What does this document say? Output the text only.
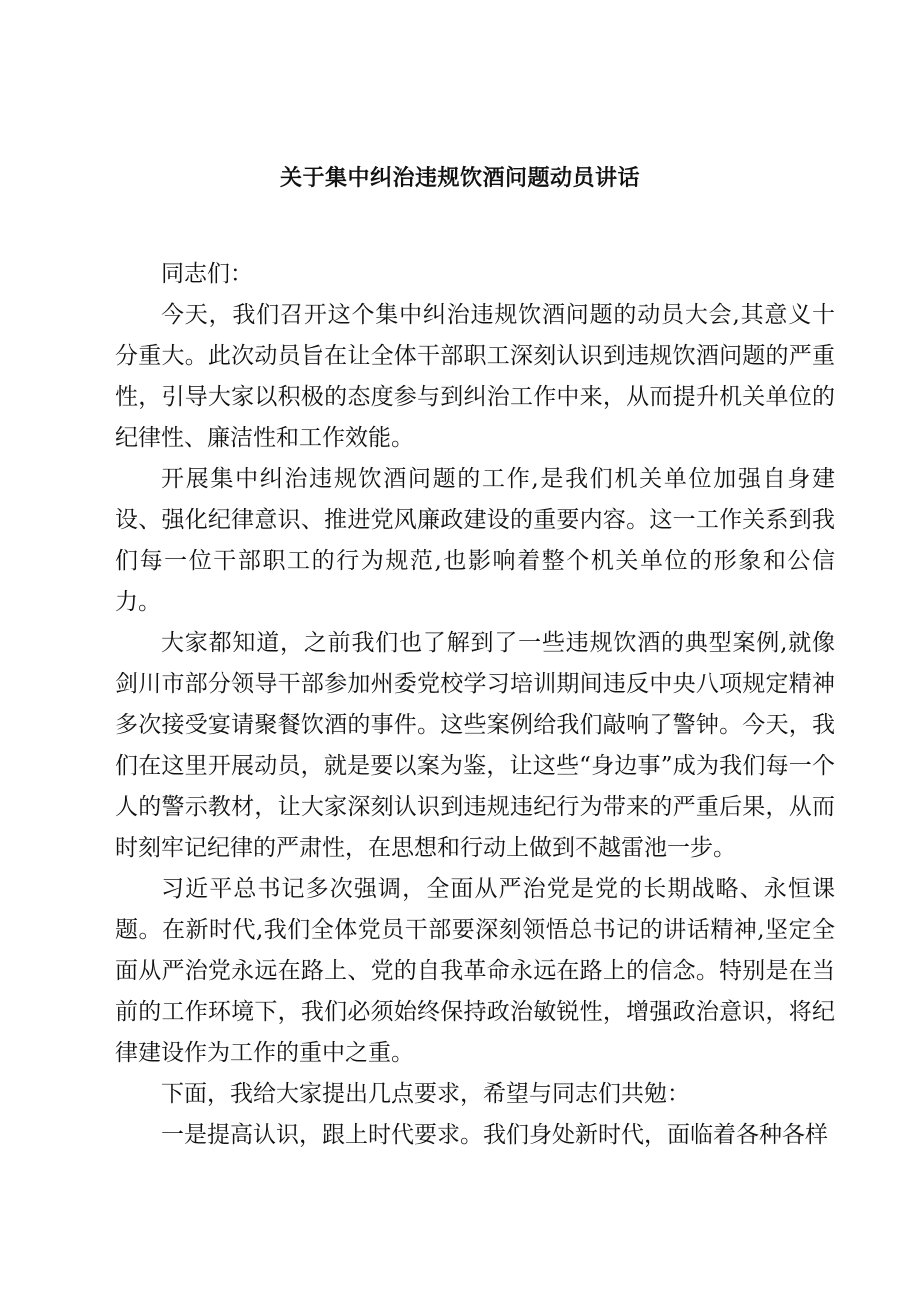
关于集中纠治违规饮酒问题动员讲话

同志们：

今天，我们召开这个集中纠治违规饮酒问题的动员大会,其意义十分重大。此次动员旨在让全体干部职工深刻认识到违规饮酒问题的严重性，引导大家以积极的态度参与到纠治工作中来，从而提升机关单位的纪律性、廉洁性和工作效能。

开展集中纠治违规饮酒问题的工作,是我们机关单位加强自身建设、强化纪律意识、推进党风廉政建设的重要内容。这一工作关系到我们每一位干部职工的行为规范,也影响着整个机关单位的形象和公信力。

大家都知道，之前我们也了解到了一些违规饮酒的典型案例,就像剑川市部分领导干部参加州委党校学习培训期间违反中央八项规定精神多次接受宴请聚餐饮酒的事件。这些案例给我们敲响了警钟。今天，我们在这里开展动员，就是要以案为鉴，让这些“身边事”成为我们每一个人的警示教材，让大家深刻认识到违规违纪行为带来的严重后果，从而时刻牢记纪律的严肃性，在思想和行动上做到不越雷池一步。

习近平总书记多次强调，全面从严治党是党的长期战略、永恒课题。在新时代,我们全体党员干部要深刻领悟总书记的讲话精神,坚定全面从严治党永远在路上、党的自我革命永远在路上的信念。特别是在当前的工作环境下，我们必须始终保持政治敏锐性，增强政治意识，将纪律建设作为工作的重中之重。

下面，我给大家提出几点要求，希望与同志们共勉：

一是提高认识，跟上时代要求。我们身处新时代，面临着各种各样
